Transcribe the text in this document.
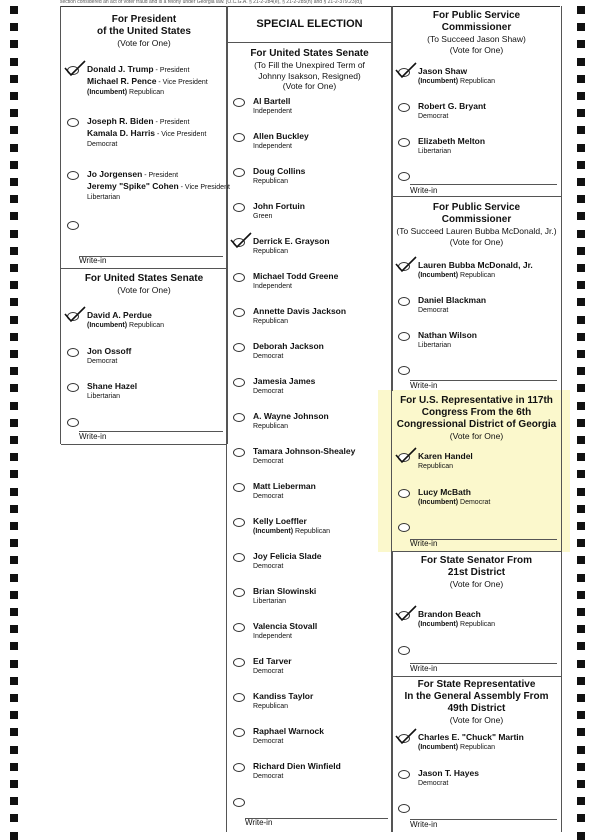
section considered an act of voter fraud and is a felony under Georgia law. [O.C.G.A. § 21-2-284(e), § 21-2-285(h) and § 21-2-379.23(d)]
For President
of the United States
(Vote for One)
Donald J. Trump - President
Michael R. Pence - Vice President
(Incumbent) Republican
Joseph R. Biden - President
Kamala D. Harris - Vice President
Democrat
Jo Jorgensen - President
Jeremy "Spike" Cohen - Vice President
Libertarian
Write-in
For United States Senate
(Vote for One)
David A. Perdue
(Incumbent) Republican
Jon Ossoff
Democrat
Shane Hazel
Libertarian
Write-in
SPECIAL ELECTION
For United States Senate
(To Fill the Unexpired Term of
Johnny Isakson, Resigned)
(Vote for One)
Al Bartell
Independent
Allen Buckley
Independent
Doug Collins
Republican
John Fortuin
Green
Derrick E. Grayson
Republican
Michael Todd Greene
Independent
Annette Davis Jackson
Republican
Deborah Jackson
Democrat
Jamesia James
Democrat
A. Wayne Johnson
Republican
Tamara Johnson-Shealey
Democrat
Matt Lieberman
Democrat
Kelly Loeffler
(Incumbent) Republican
Joy Felicia Slade
Democrat
Brian Slowinski
Libertarian
Valencia Stovall
Independent
Ed Tarver
Democrat
Kandiss Taylor
Republican
Raphael Warnock
Democrat
Richard Dien Winfield
Democrat
Write-in
For Public Service
Commissioner
(To Succeed Jason Shaw)
(Vote for One)
Jason Shaw
(Incumbent) Republican
Robert G. Bryant
Democrat
Elizabeth Melton
Libertarian
Write-in
For Public Service
Commissioner
(To Succeed Lauren Bubba McDonald, Jr.)
(Vote for One)
Lauren Bubba McDonald, Jr.
(Incumbent) Republican
Daniel Blackman
Democrat
Nathan Wilson
Libertarian
Write-in
For U.S. Representative in 117th
Congress From the 6th
Congressional District of Georgia
(Vote for One)
Karen Handel
Republican
Lucy McBath
(Incumbent) Democrat
Write-in
For State Senator From
21st District
(Vote for One)
Brandon Beach
(Incumbent) Republican
Write-in
For State Representative
In the General Assembly From
49th District
(Vote for One)
Charles E. "Chuck" Martin
(Incumbent) Republican
Jason T. Hayes
Democrat
Write-in
